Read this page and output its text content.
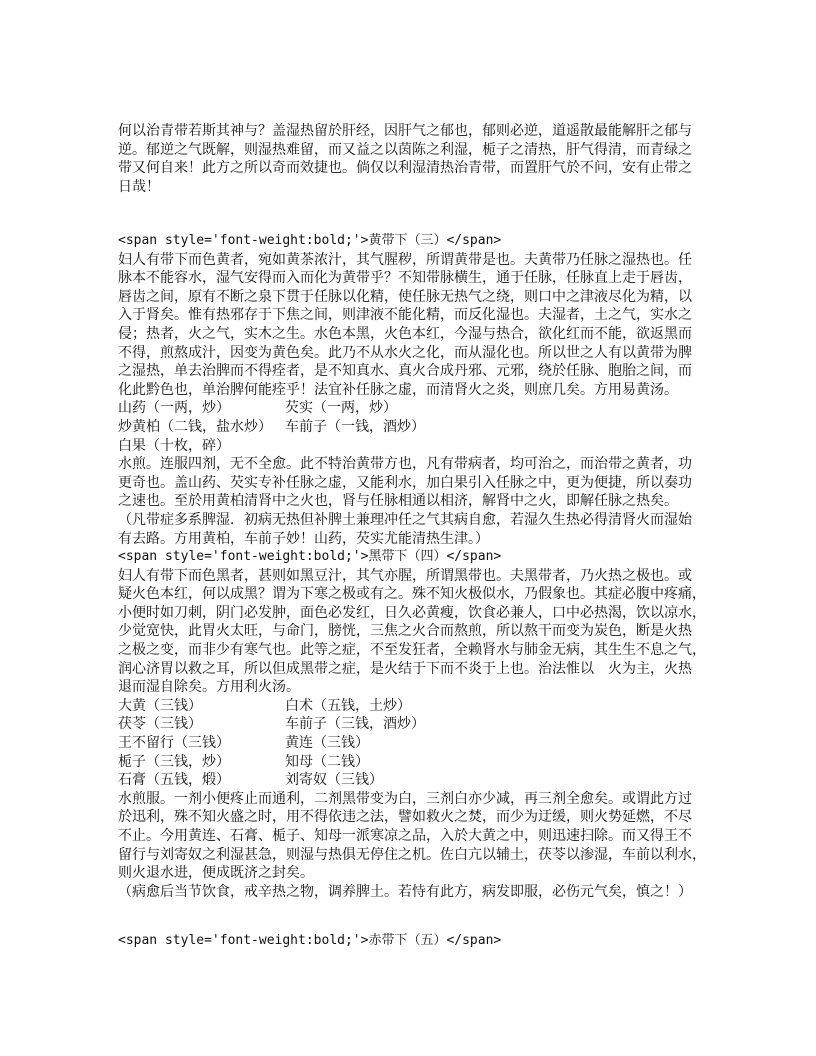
何以治青带若斯其神与？盖湿热留於肝经，因肝气之郁也，郁则必逆，道遥散最能解肝之郁与
逆。郁逆之气既解，则湿热难留，而又益之以茵陈之利湿，栀子之清热，肝气得清，而青绿之
带又何自来！此方之所以奇而效捷也。倘仅以利湿清热治青带，而置肝气於不问，安有止带之
日哉！
<span style='font-weight:bold;'>黄带下（三）</span>
妇人有带下而色黄者，宛如黄茶浓汁，其气腥秽，所谓黄带是也。夫黄带乃任脉之湿热也。任
脉本不能容水，湿气安得而入而化为黄带乎？不知带脉横生，通于任脉，任脉直上走于唇齿，
唇齿之间，原有不断之泉下贯于任脉以化精，使任脉无热气之绕，则口中之津液尽化为精，以
入于肾矣。惟有热邪存于下焦之间，则津液不能化精，而反化湿也。夫湿者，土之气，实水之
侵；热者，火之气，实木之生。水色本黑，火色本红，今湿与热合，欲化红而不能，欲返黑而
不得，煎熬成汁，因变为黄色矣。此乃不从水火之化，而从湿化也。所以世之人有以黄带为脾
之湿热，单去治脾而不得痊者，是不知真水、真火合成丹邪、元邪，绕於任脉、胞胎之间，而
化此黔色也，单治脾何能痊乎！法宜补任脉之虚，而清肾火之炎，则庶几矣。方用易黄汤。
山药（一两，炒）	芡实（一两，炒）
炒黄柏（二钱，盐水炒） 车前子（一钱，酒炒）
白果（十枚，碎）
水煎。连服四剂，无不全愈。此不特治黄带方也，凡有带病者，均可治之，而治带之黄者，功
更奇也。盖山药、芡实专补任脉之虚，又能利水，加白果引入任脉之中，更为便捷，所以奏功
之速也。至於用黄柏清肾中之火也，肾与任脉相通以相济，解肾中之火，即解任脉之热矣。
（凡带症多系脾湿．初病无热但补脾土兼理冲任之气其病自愈，若湿久生热必得清肾火而湿始
有去路。方用黄柏，车前子妙！山药，芡实尤能清热生津。）
<span style='font-weight:bold;'>黑带下（四）</span>
妇人有带下而色黑者，甚则如黑豆汁，其气亦腥，所谓黑带也。夫黑带者，乃火热之极也。或
疑火色本红，何以成黑？谓为下寒之极或有之。殊不知火极似水，乃假象也。其症必腹中疼痛，
小便时如刀刺，阴门必发肿，面色必发红，日久必黄瘦，饮食必兼人，口中必热渴，饮以凉水，
少觉宽快，此胃火太旺，与命门，膀恍，三焦之火合而熬煎，所以熬干而变为炭色，断是火热
之极之变，而非少有寒气也。此等之症，不至发狂者，全赖肾水与肺金无病，其生生不息之气，
润心济胃以救之耳，所以但成黑带之症，是火结于下而不炎于上也。治法惟以　火为主，火热
退而湿自除矣。方用利火汤。
大黄（三钱）	白术（五钱，土炒）
茯苓（三钱）	车前子（三钱，酒炒）
王不留行（三钱）	黄连（三钱）
栀子（三钱，炒）	知母（二钱）
石膏（五钱，煅）	刘寄奴（三钱）
水煎服。一剂小便疼止而通利，二剂黑带变为白，三剂白亦少减，再三剂全愈矣。或谓此方过
於迅利，殊不知火盛之时，用不得依违之法，譬如救火之焚，而少为迂缓，则火势延燃，不尽
不止。今用黄连、石膏、栀子、知母一派寒凉之品，入於大黄之中，则迅速扫除。而又得王不
留行与刘寄奴之利湿甚急，则湿与热俱无停住之机。佐白亢以辅土，茯苓以渗湿，车前以利水，
则火退水进，便成既济之封矣。
（病愈后当节饮食，戒辛热之物，调养脾土。若恃有此方，病发即服，必伤元气矣，慎之！）
<span style='font-weight:bold;'>赤带下（五）</span>
